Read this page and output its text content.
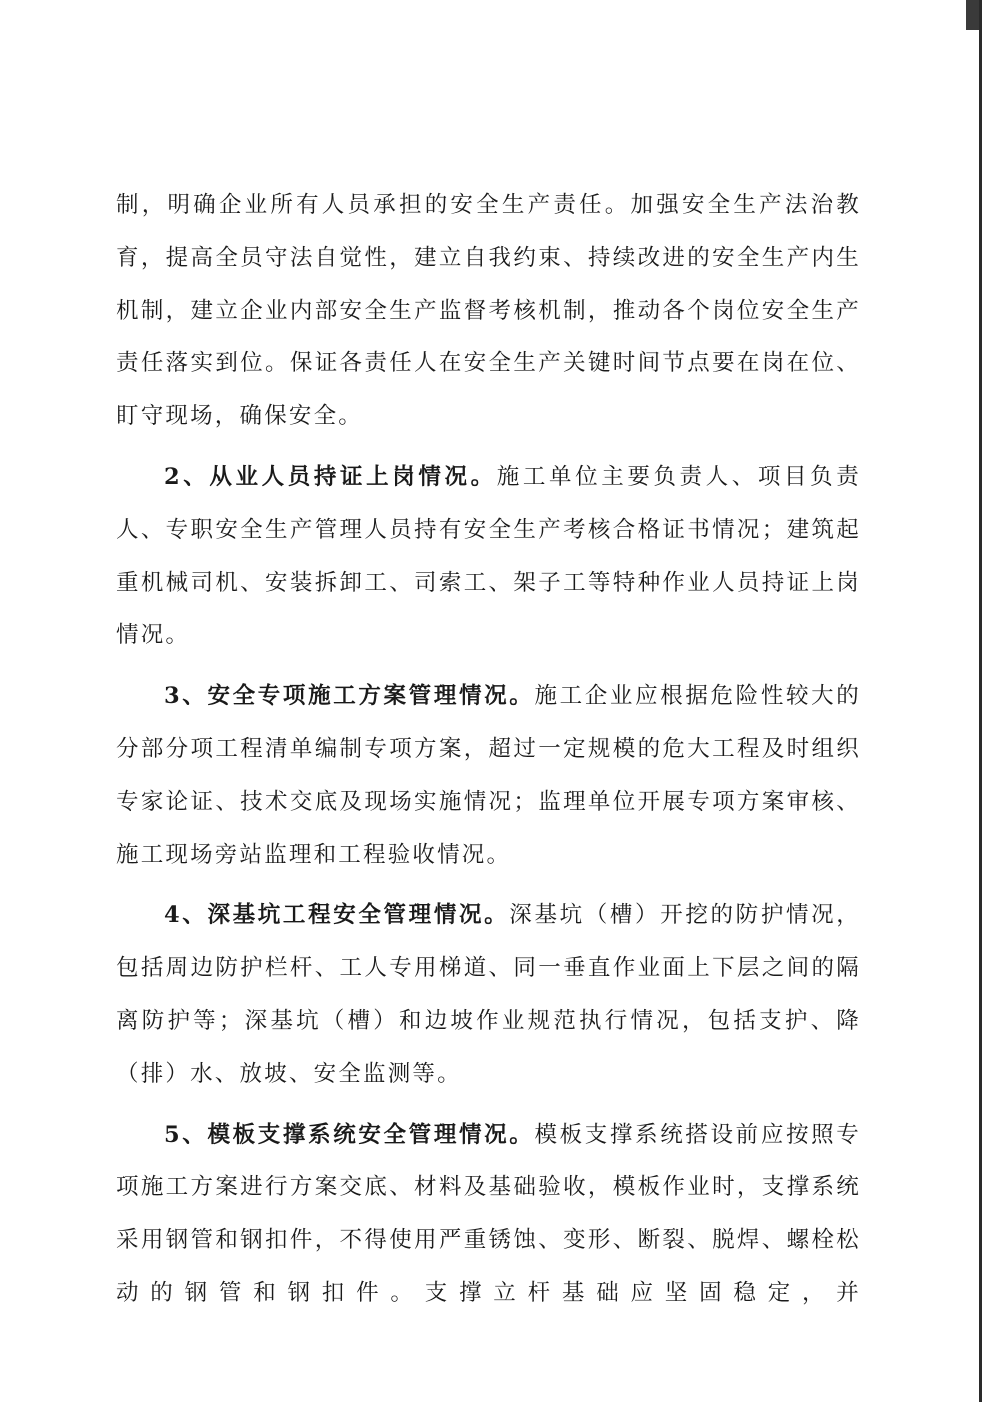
制，明确企业所有人员承担的安全生产责任。加强安全生产法治教育，提高全员守法自觉性，建立自我约束、持续改进的安全生产内生机制，建立企业内部安全生产监督考核机制，推动各个岗位安全生产责任落实到位。保证各责任人在安全生产关键时间节点要在岗在位、盯守现场，确保安全。

2、从业人员持证上岗情况。施工单位主要负责人、项目负责人、专职安全生产管理人员持有安全生产考核合格证书情况；建筑起重机械司机、安装拆卸工、司索工、架子工等特种作业人员持证上岗情况。

3、安全专项施工方案管理情况。施工企业应根据危险性较大的分部分项工程清单编制专项方案，超过一定规模的危大工程及时组织专家论证、技术交底及现场实施情况；监理单位开展专项方案审核、施工现场旁站监理和工程验收情况。

4、深基坑工程安全管理情况。深基坑（槽）开挖的防护情况，包括周边防护栏杆、工人专用梯道、同一垂直作业面上下层之间的隔离防护等；深基坑（槽）和边坡作业规范执行情况，包括支护、降（排）水、放坡、安全监测等。

5、模板支撑系统安全管理情况。模板支撑系统搭设前应按照专项施工方案进行方案交底、材料及基础验收，模板作业时，支撑系统采用钢管和钢扣件，不得使用严重锈蚀、变形、断裂、脱焊、螺栓松动的钢管和钢扣件。支撑立杆基础应坚固稳定，并
